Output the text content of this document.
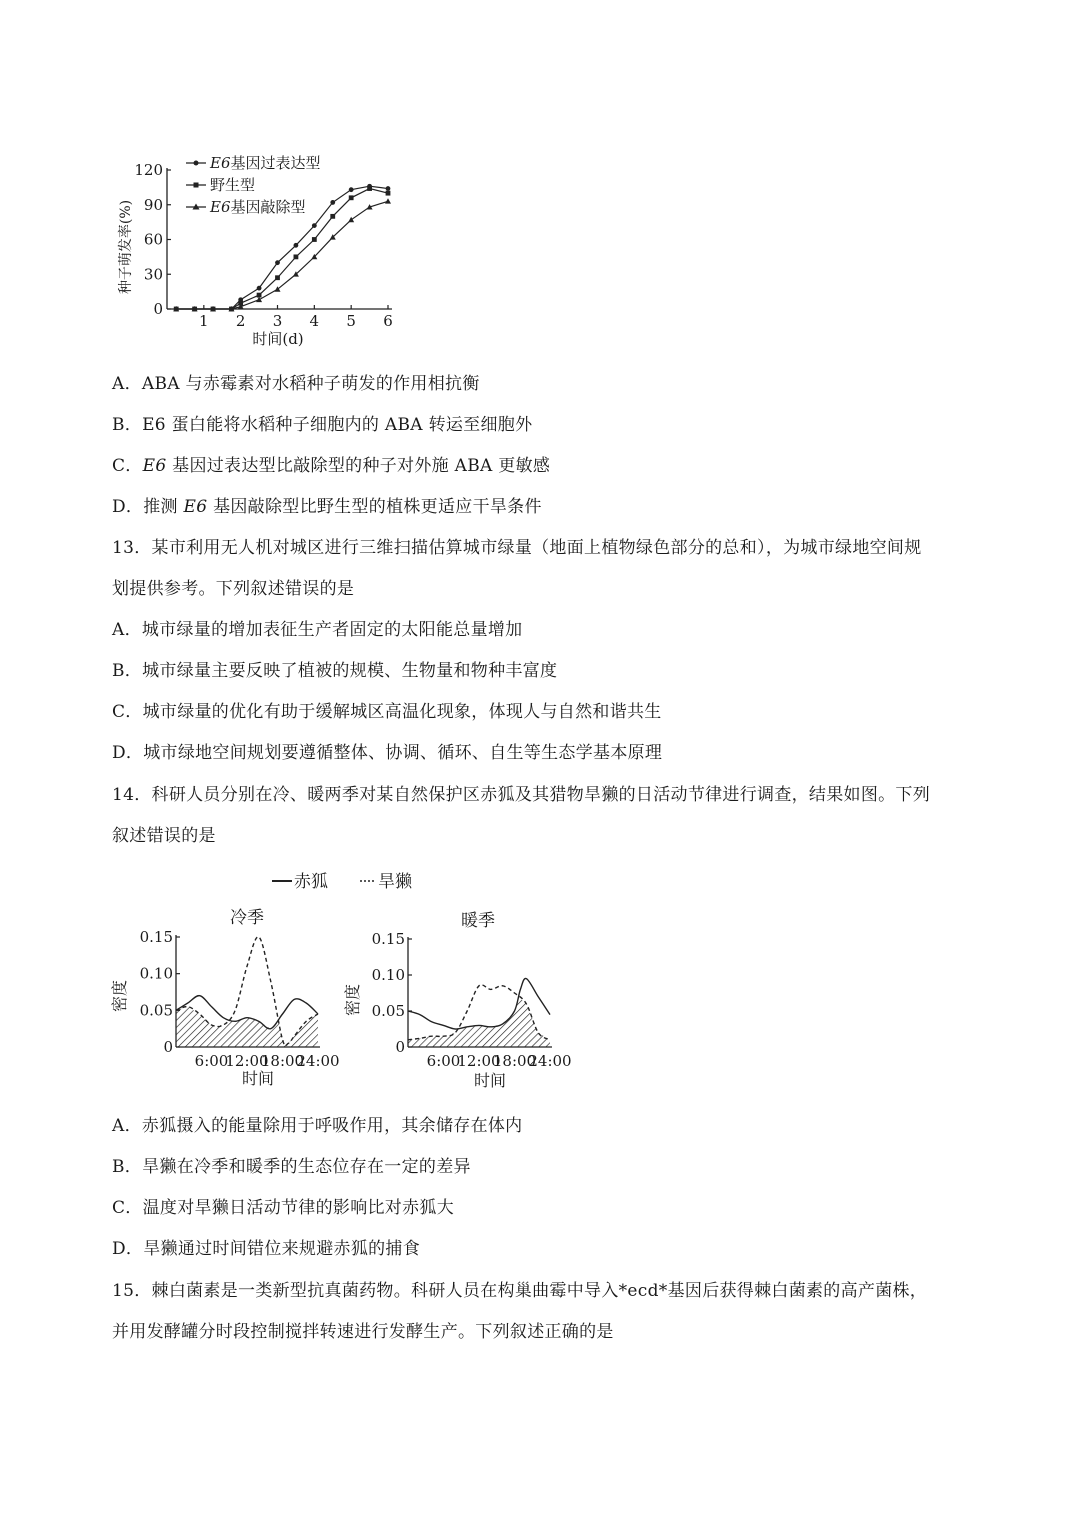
0
30
60
90
120
1 2 3 4 5 6
种子萌发率(%)
时间(d)
E6基因过表达型
野生型
E6基因敲除型
A．ABA 与赤霉素对水稻种子萌发的作用相抗衡
B．E6 蛋白能将水稻种子细胞内的 ABA 转运至细胞外
C．E6 基因过表达型比敲除型的种子对外施 ABA 更敏感
D．推测 E6 基因敲除型比野生型的植株更适应干旱条件
13．某市利用无人机对城区进行三维扫描估算城市绿量（地面上植物绿色部分的总和），为城市绿地空间规
划提供参考。下列叙述错误的是
A．城市绿量的增加表征生产者固定的太阳能总量增加
B．城市绿量主要反映了植被的规模、生物量和物种丰富度
C．城市绿量的优化有助于缓解城区高温化现象，体现人与自然和谐共生
D．城市绿地空间规划要遵循整体、协调、循环、自生等生态学基本原理
14．科研人员分别在冷、暖两季对某自然保护区赤狐及其猎物旱獭的日活动节律进行调查，结果如图。下列
叙述错误的是
赤狐	旱獭
冷季
密度
时间
0
0.05
0.10
0.15
6:00
12:00
18:00
24:00
暖季
密度
时间
0
0.05
0.10
0.15
6:00
12:00
18:00
24:00
A．赤狐摄入的能量除用于呼吸作用，其余储存在体内
B．旱獭在冷季和暖季的生态位存在一定的差异
C．温度对旱獭日活动节律的影响比对赤狐大
D．旱獭通过时间错位来规避赤狐的捕食
15．棘白菌素是一类新型抗真菌药物。科研人员在构巢曲霉中导入*ecd*基因后获得棘白菌素的高产菌株，
并用发酵罐分时段控制搅拌转速进行发酵生产。下列叙述正确的是
